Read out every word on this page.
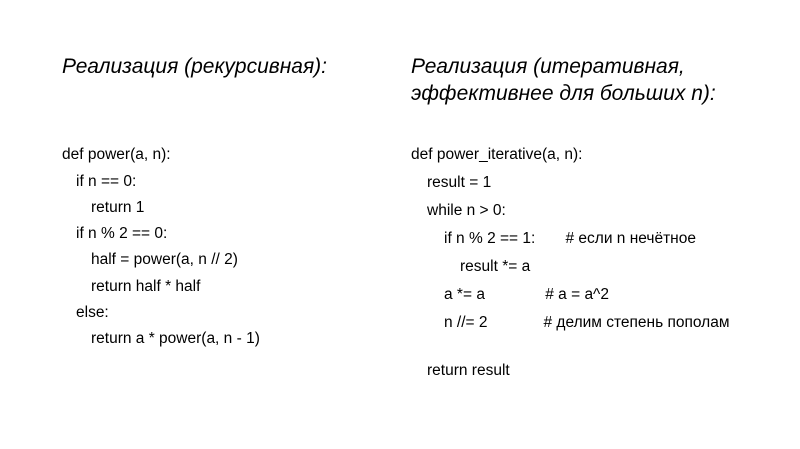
Реализация (рекурсивная):	Реализация (итеративная, эффективнее для больших n):
def power(a, n):
if n == 0:
return 1
if n % 2 == 0:
half = power(a, n // 2)
return half * half
else:
return a * power(a, n - 1)
def power_iterative(a, n):
result = 1
while n > 0:
if n % 2 == 1:       # если n нечётное
result *= a
a *= a              # a = a^2
n //= 2             # делим степень пополам
return result
